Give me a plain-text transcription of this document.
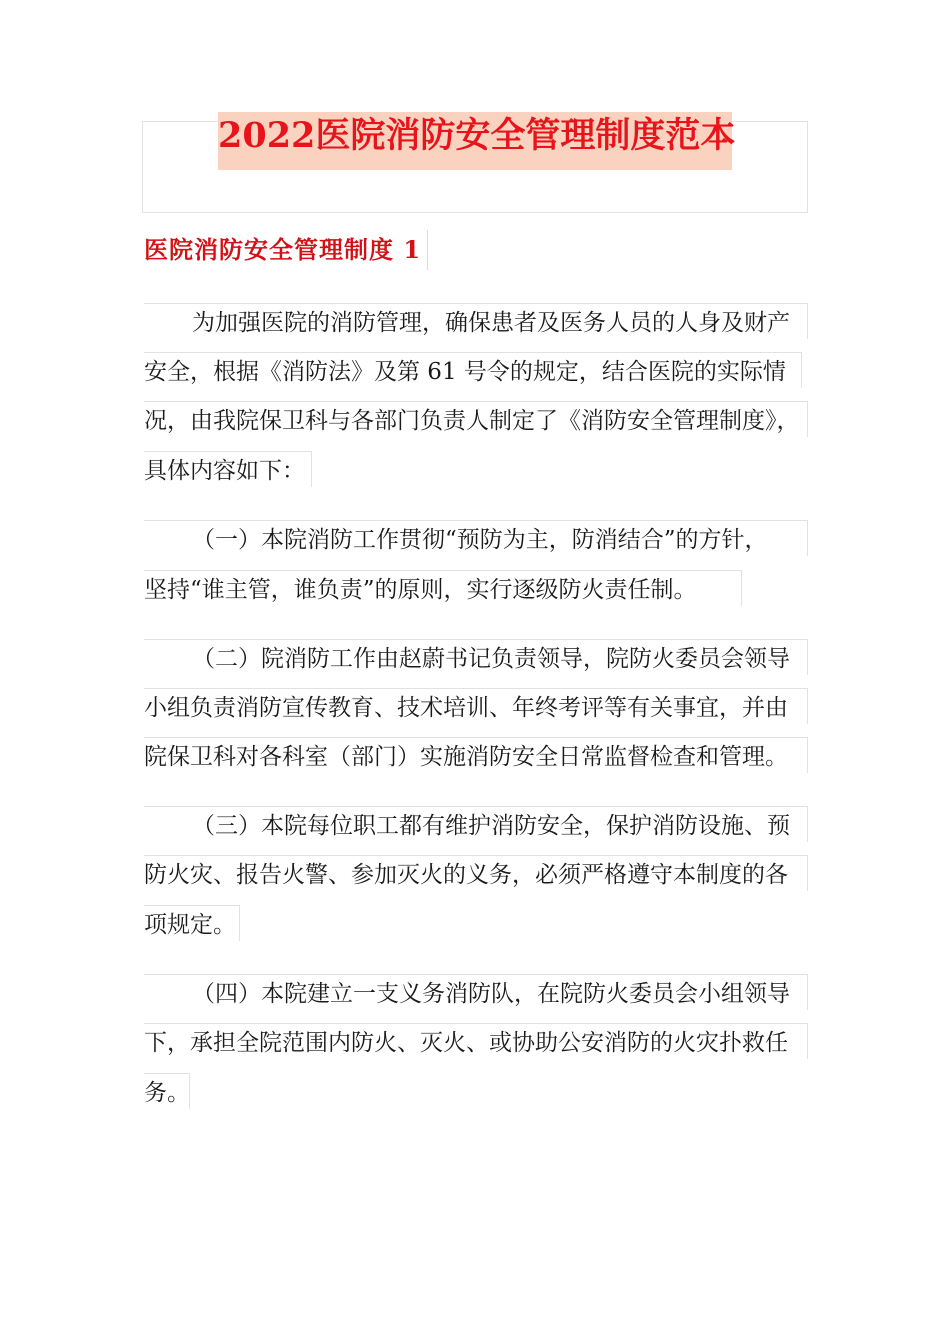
2022医院消防安全管理制度范本
医院消防安全管理制度 1
为加强医院的消防管理，确保患者及医务人员的人身及财产
安全，根据《消防法》及第 61 号令的规定，结合医院的实际情
况，由我院保卫科与各部门负责人制定了《消防安全管理制度》，
具体内容如下：
（一）本院消防工作贯彻“预防为主，防消结合”的方针，
坚持“谁主管，谁负责”的原则，实行逐级防火责任制。
（二）院消防工作由赵蔚书记负责领导，院防火委员会领导
小组负责消防宣传教育、技术培训、年终考评等有关事宜，并由
院保卫科对各科室（部门）实施消防安全日常监督检查和管理。
（三）本院每位职工都有维护消防安全，保护消防设施、预
防火灾、报告火警、参加灭火的义务，必须严格遵守本制度的各
项规定。
（四）本院建立一支义务消防队，在院防火委员会小组领导
下，承担全院范围内防火、灭火、或协助公安消防的火灾扑救任
务。
